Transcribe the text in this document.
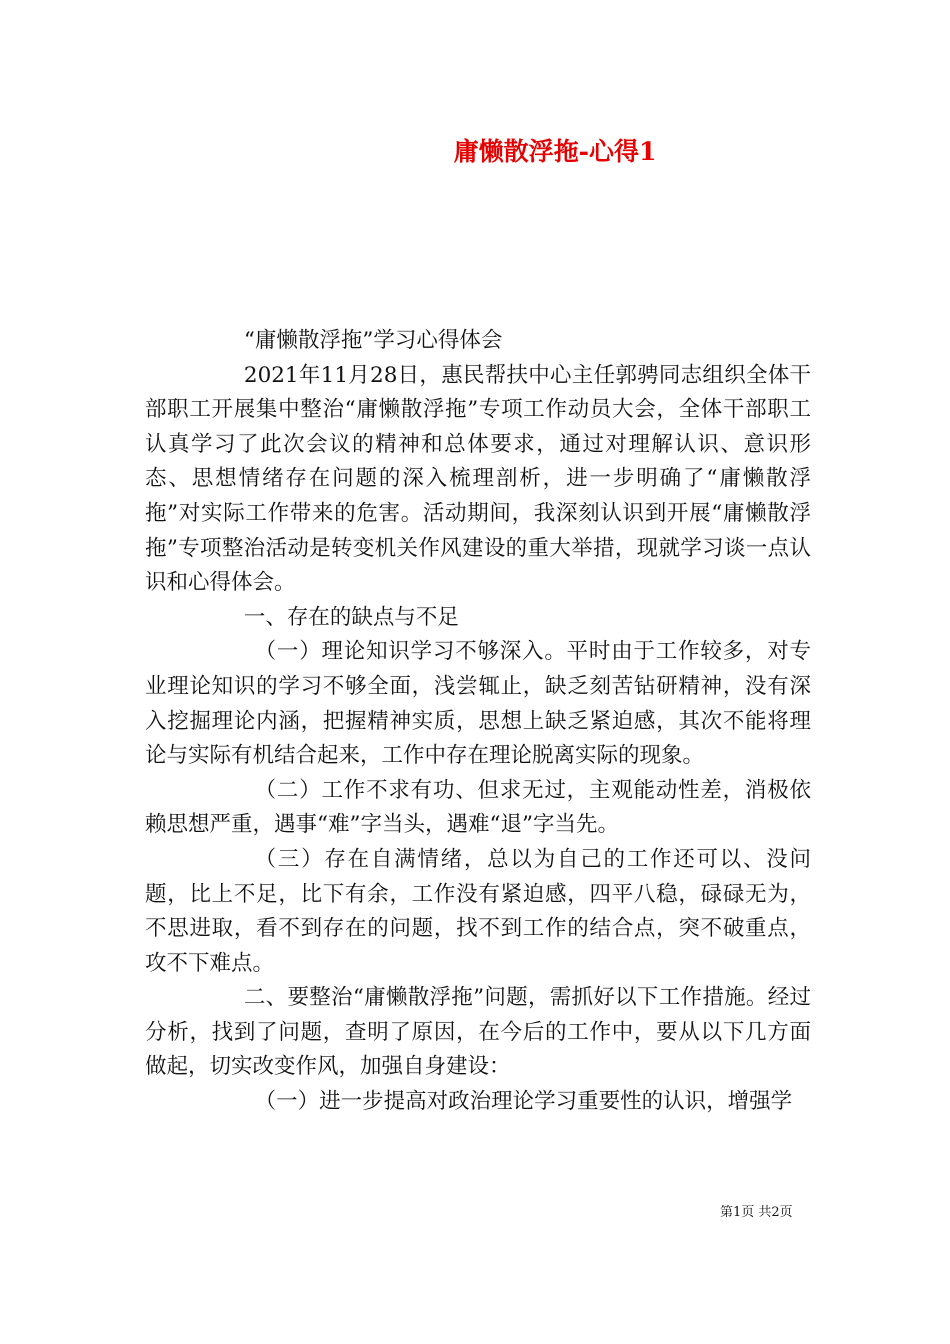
庸懒散浮拖-心得1

“庸懒散浮拖”学习心得体会

2021年11月28日，惠民帮扶中心主任郭骋同志组织全体干部职工开展集中整治“庸懒散浮拖”专项工作动员大会，全体干部职工认真学习了此次会议的精神和总体要求，通过对理解认识、意识形态、思想情绪存在问题的深入梳理剖析，进一步明确了“庸懒散浮拖”对实际工作带来的危害。活动期间，我深刻认识到开展“庸懒散浮拖”专项整治活动是转变机关作风建设的重大举措，现就学习谈一点认识和心得体会。

一、存在的缺点与不足

（一）理论知识学习不够深入。平时由于工作较多，对专业理论知识的学习不够全面，浅尝辄止，缺乏刻苦钻研精神，没有深入挖掘理论内涵，把握精神实质，思想上缺乏紧迫感，其次不能将理论与实际有机结合起来，工作中存在理论脱离实际的现象。

（二）工作不求有功、但求无过，主观能动性差，消极依赖思想严重，遇事“难”字当头，遇难“退”字当先。

（三）存在自满情绪，总以为自己的工作还可以、没问题，比上不足，比下有余，工作没有紧迫感，四平八稳，碌碌无为，不思进取，看不到存在的问题，找不到工作的结合点，突不破重点，攻不下难点。

二、要整治“庸懒散浮拖”问题，需抓好以下工作措施。经过分析，找到了问题，查明了原因，在今后的工作中，要从以下几方面做起，切实改变作风，加强自身建设：

（一）进一步提高对政治理论学习重要性的认识，增强学

第1页 共2页
